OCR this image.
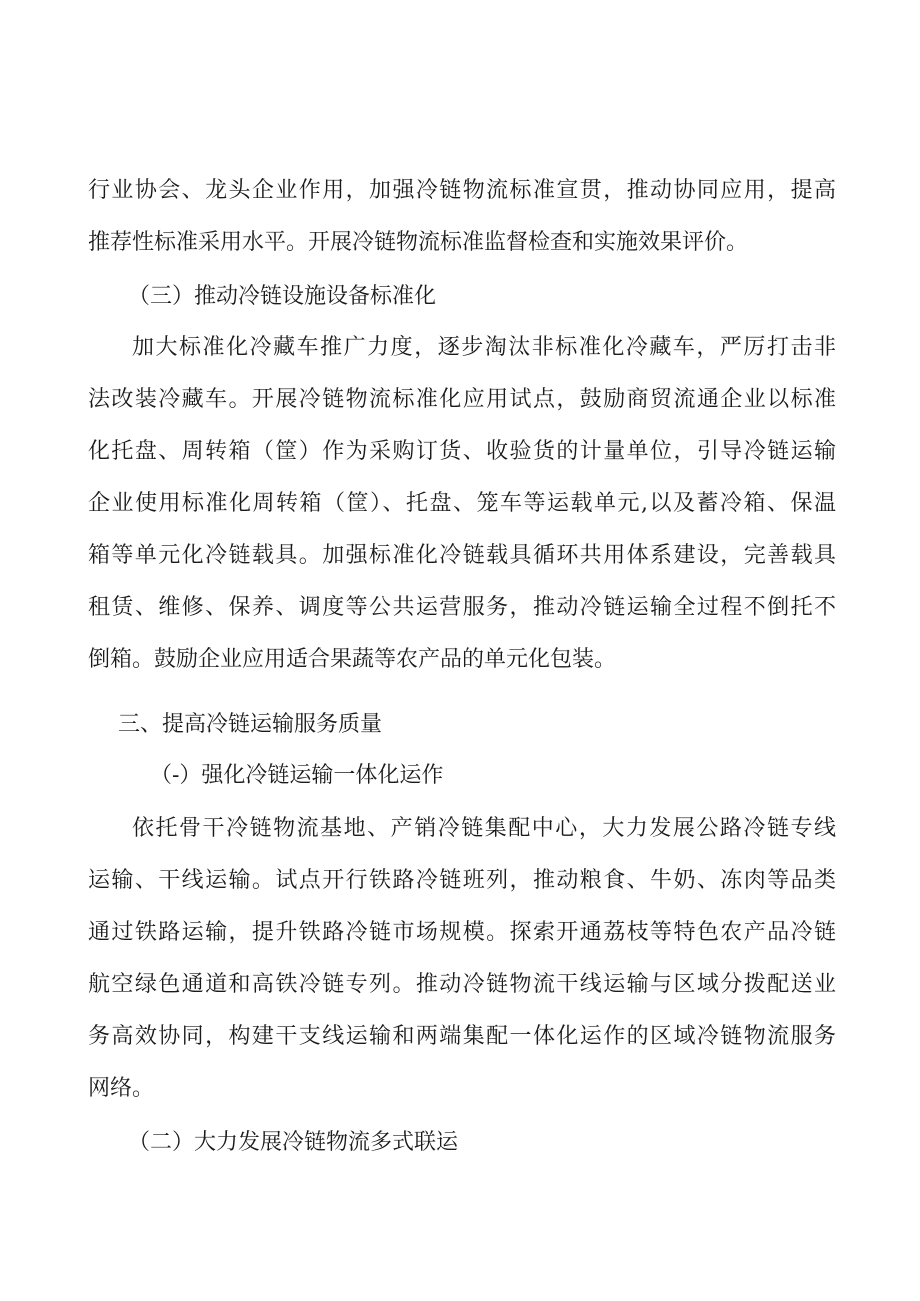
行业协会、龙头企业作用，加强冷链物流标准宣贯，推动协同应用，提高
推荐性标准采用水平。开展冷链物流标准监督检查和实施效果评价。
（三）推动冷链设施设备标准化
加大标准化冷藏车推广力度，逐步淘汰非标准化冷藏车，严厉打击非
法改装冷藏车。开展冷链物流标准化应用试点，鼓励商贸流通企业以标准
化托盘、周转箱（筐）作为采购订货、收验货的计量单位，引导冷链运输
企业使用标准化周转箱（筐）、托盘、笼车等运载单元,以及蓄冷箱、保温
箱等单元化冷链载具。加强标准化冷链载具循环共用体系建设，完善载具
租赁、维修、保养、调度等公共运营服务，推动冷链运输全过程不倒托不
倒箱。鼓励企业应用适合果蔬等农产品的单元化包装。
三、提高冷链运输服务质量
（-）强化冷链运输一体化运作
依托骨干冷链物流基地、产销冷链集配中心，大力发展公路冷链专线
运输、干线运输。试点开行铁路冷链班列，推动粮食、牛奶、冻肉等品类
通过铁路运输，提升铁路冷链市场规模。探索开通荔枝等特色农产品冷链
航空绿色通道和高铁冷链专列。推动冷链物流干线运输与区域分拨配送业
务高效协同，构建干支线运输和两端集配一体化运作的区域冷链物流服务
网络。
（二）大力发展冷链物流多式联运
